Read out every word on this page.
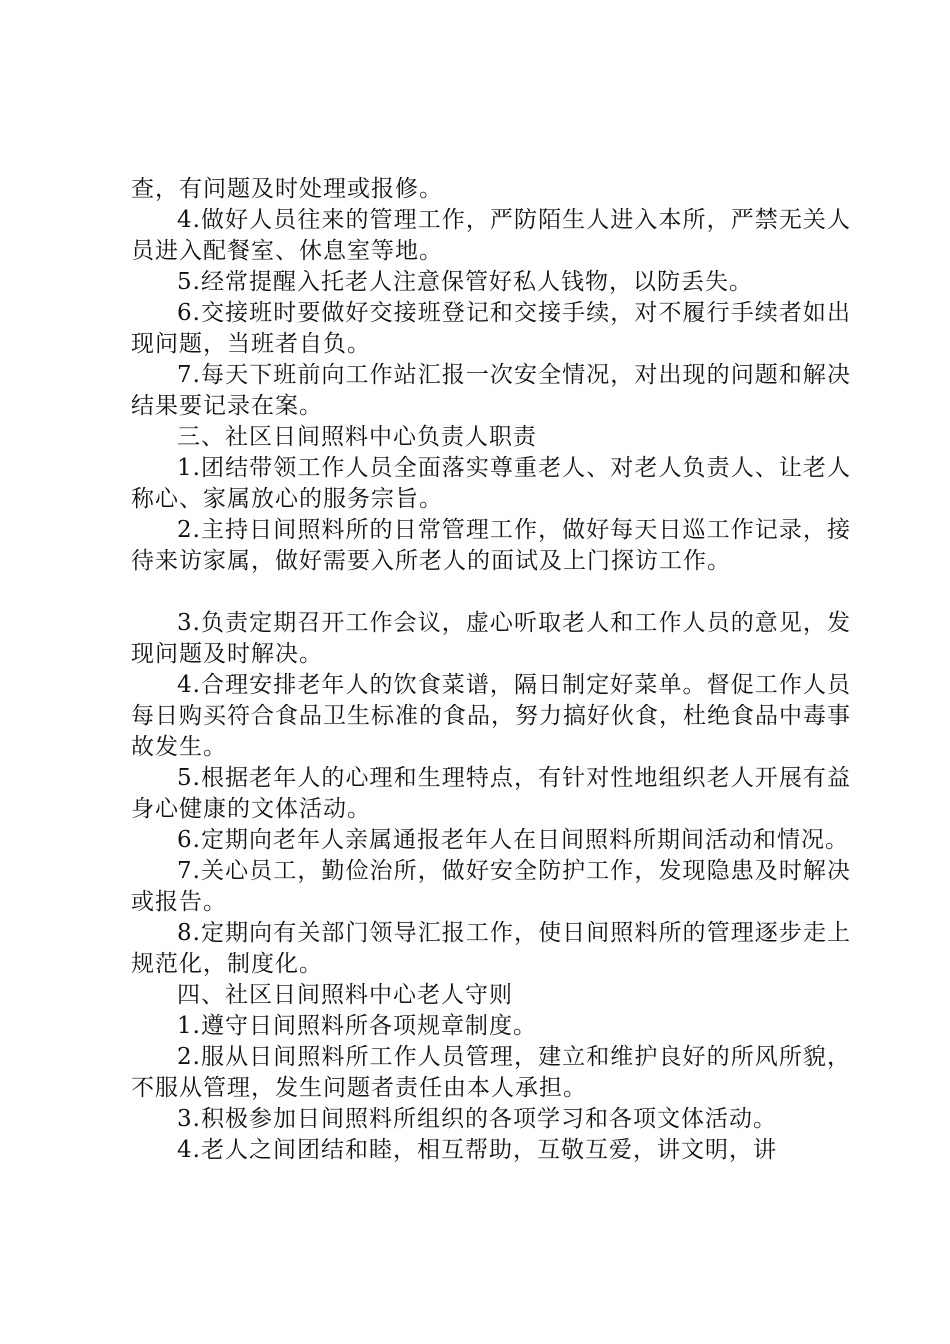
查，有问题及时处理或报修。

4.做好人员往来的管理工作，严防陌生人进入本所，严禁无关人员进入配餐室、休息室等地。

5.经常提醒入托老人注意保管好私人钱物，以防丢失。

6.交接班时要做好交接班登记和交接手续，对不履行手续者如出现问题，当班者自负。

7.每天下班前向工作站汇报一次安全情况，对出现的问题和解决结果要记录在案。

三、社区日间照料中心负责人职责

1.团结带领工作人员全面落实尊重老人、对老人负责人、让老人称心、家属放心的服务宗旨。

2.主持日间照料所的日常管理工作，做好每天日巡工作记录，接待来访家属，做好需要入所老人的面试及上门探访工作。

3.负责定期召开工作会议，虚心听取老人和工作人员的意见，发现问题及时解决。

4.合理安排老年人的饮食菜谱，隔日制定好菜单。督促工作人员每日购买符合食品卫生标准的食品，努力搞好伙食，杜绝食品中毒事故发生。

5.根据老年人的心理和生理特点，有针对性地组织老人开展有益身心健康的文体活动。

6.定期向老年人亲属通报老年人在日间照料所期间活动和情况。

7.关心员工，勤俭治所，做好安全防护工作，发现隐患及时解决或报告。

8.定期向有关部门领导汇报工作，使日间照料所的管理逐步走上规范化，制度化。

四、社区日间照料中心老人守则

1.遵守日间照料所各项规章制度。

2.服从日间照料所工作人员管理，建立和维护良好的所风所貌，不服从管理，发生问题者责任由本人承担。

3.积极参加日间照料所组织的各项学习和各项文体活动。

4.老人之间团结和睦，相互帮助，互敬互爱，讲文明，讲
